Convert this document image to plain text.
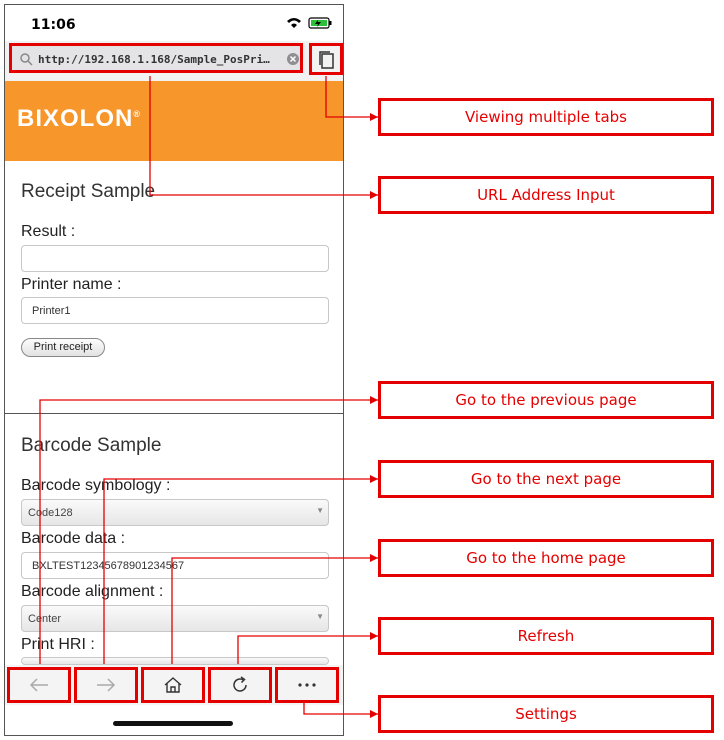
11:06
http://192.168.1.168/Sample_PosPri…
BIXOLON®
Receipt Sample
Result :
Printer name :
Printer1
Print receipt
Barcode Sample
Barcode symbology :
Code128	▼
Barcode data :
BXLTEST12345678901234567
Barcode alignment :
Center	▼
Print HRI :
Viewing multiple tabs
URL Address Input
Go to the previous page
Go to the next page
Go to the home page
Refresh
Settings
